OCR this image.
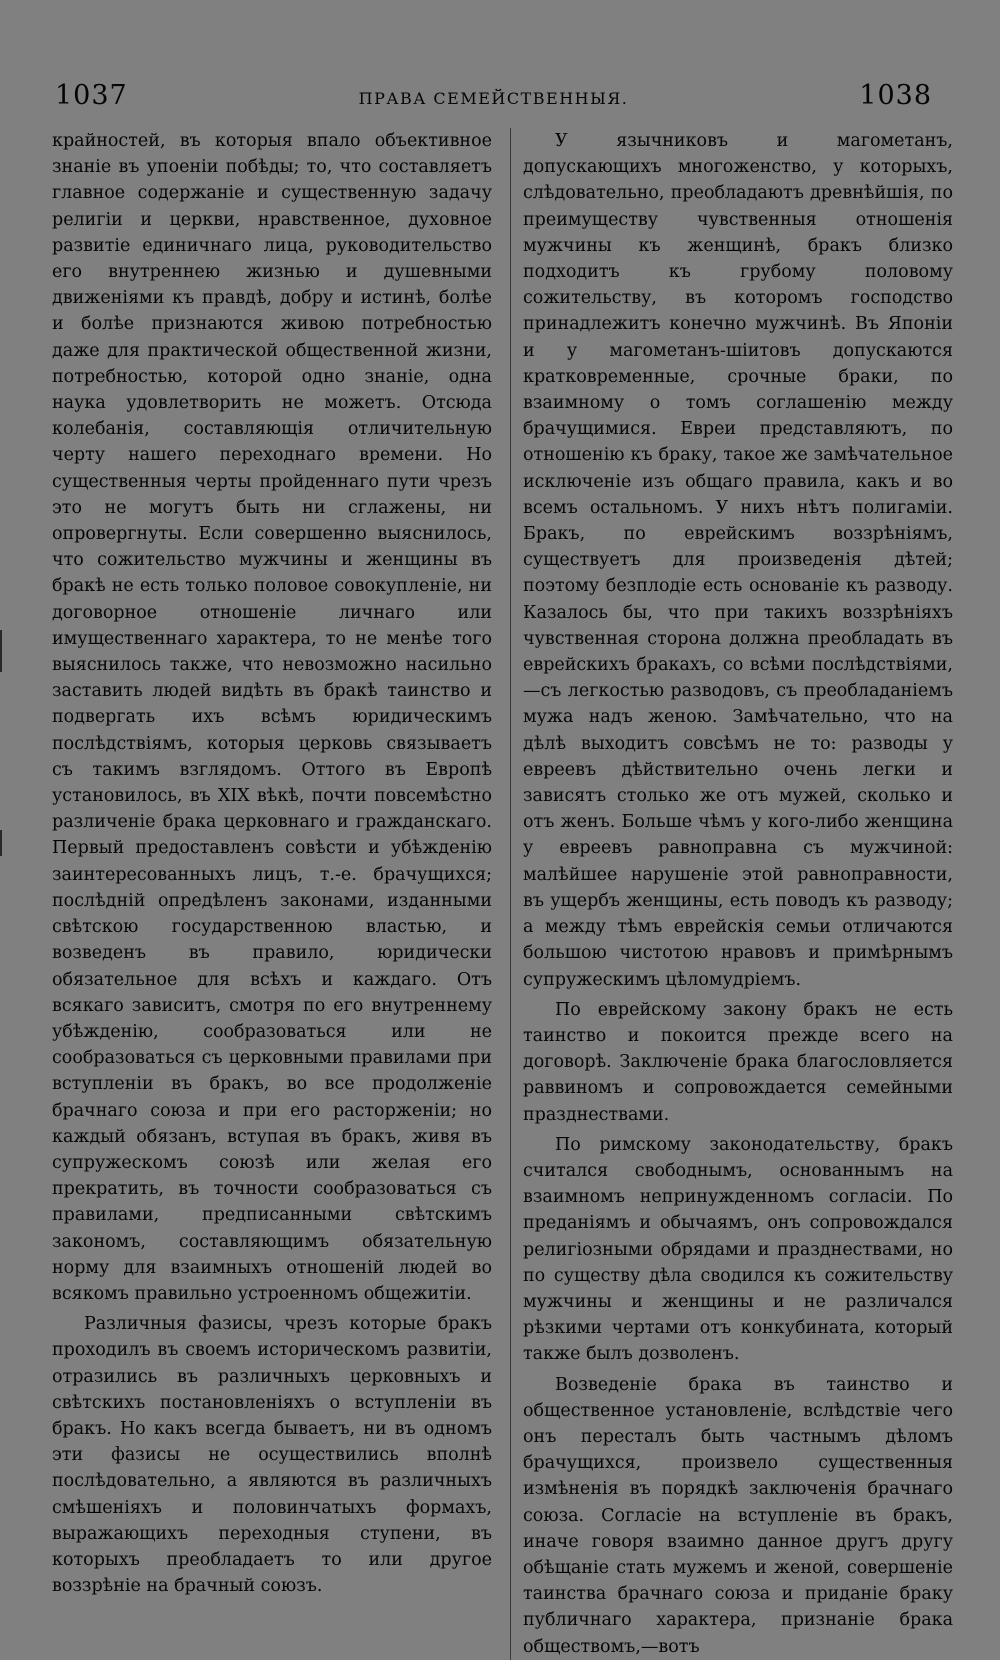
1037	ПРАВА СЕМЕЙСТВЕННЫЯ.	1038

крайностей, въ которыя впало объективное знаніе въ упоеніи побѣды; то, что составляетъ главное содержаніе и существенную задачу религіи и церкви, нравственное, духовное развитіе единичнаго лица, руководительство его внутреннею жизнью и душевными движеніями къ правдѣ, добру и истинѣ, болѣе и болѣе признаются живою потребностью даже для практической общественной жизни, потребностью, которой одно знаніе, одна наука удовлетворить не можетъ. Отсюда колебанія, составляющія отличительную черту нашего переходнаго времени. Но существенныя черты пройденнаго пути чрезъ это не могутъ быть ни сглажены, ни опровергнуты. Если совершенно выяснилось, что сожительство мужчины и женщины въ бракѣ не есть только половое совокупленіе, ни договорное отношеніе личнаго или имущественнаго характера, то не менѣе того выяснилось также, что невозможно насильно заставить людей видѣть въ бракѣ таинство и подвергать ихъ всѣмъ юридическимъ послѣдствіямъ, которыя церковь связываетъ съ такимъ взглядомъ. Оттого въ Европѣ установилось, въ XIX вѣкѣ, почти повсемѣстно различеніе брака церковнаго и гражданскаго. Первый предоставленъ совѣсти и убѣжденію заинтересованныхъ лицъ, т.-е. брачущихся; послѣдній опредѣленъ законами, изданными свѣтскою государственною властью, и возведенъ въ правило, юридически обязательное для всѣхъ и каждаго. Отъ всякаго зависитъ, смотря по его внутреннему убѣжденію, сообразоваться или не сообразоваться съ церковными правилами при вступленіи въ бракъ, во все продолженіе брачнаго союза и при его расторженіи; но каждый обязанъ, вступая въ бракъ, живя въ супружескомъ союзѣ или желая его прекратить, въ точности сообразоваться съ правилами, предписанными свѣтскимъ закономъ, составляющимъ обязательную норму для взаимныхъ отношеній людей во всякомъ правильно устроенномъ общежитіи.

Различныя фазисы, чрезъ которые бракъ проходилъ въ своемъ историческомъ развитіи, отразились въ различныхъ церковныхъ и свѣтскихъ постановленіяхъ о вступленіи въ бракъ. Но какъ всегда бываетъ, ни въ одномъ эти фазисы не осуществились вполнѣ послѣдовательно, а являются въ различныхъ смѣшеніяхъ и половинчатыхъ формахъ, выражающихъ переходныя ступени, въ которыхъ преобладаетъ то или другое воззрѣніе на брачный союзъ.

У язычниковъ и магометанъ, допускающихъ многоженство, у которыхъ, слѣдовательно, преобладаютъ древнѣйшія, по преимуществу чувственныя отношенія мужчины къ женщинѣ, бракъ близко подходитъ къ грубому половому сожительству, въ которомъ господство принадлежитъ конечно мужчинѣ. Въ Японіи и у магометанъ-шіитовъ допускаются кратковременные, срочные браки, по взаимному о томъ соглашенію между брачущимися. Евреи представляютъ, по отношенію къ браку, такое же замѣчательное исключеніе изъ общаго правила, какъ и во всемъ остальномъ. У нихъ нѣтъ полигаміи. Бракъ, по еврейскимъ воззрѣніямъ, существуетъ для произведенія дѣтей; поэтому безплодіе есть основаніе къ разводу. Казалось бы, что при такихъ воззрѣніяхъ чувственная сторона должна преобладать въ еврейскихъ бракахъ, со всѣми послѣдствіями,—съ легкостью разводовъ, съ преобладаніемъ мужа надъ женою. Замѣчательно, что на дѣлѣ выходитъ совсѣмъ не то: разводы у евреевъ дѣйствительно очень легки и зависятъ столько же отъ мужей, сколько и отъ женъ. Больше чѣмъ у кого-либо женщина у евреевъ равноправна съ мужчиной: малѣйшее нарушеніе этой равноправности, въ ущербъ женщины, есть поводъ къ разводу; а между тѣмъ еврейскія семьи отличаются большою чистотою нравовъ и примѣрнымъ супружескимъ цѣломудріемъ.

По еврейскому закону бракъ не есть таинство и покоится прежде всего на договорѣ. Заключеніе брака благословляется раввиномъ и сопровождается семейными празднествами.

По римскому законодательству, бракъ считался свободнымъ, основаннымъ на взаимномъ непринужденномъ согласіи. По преданіямъ и обычаямъ, онъ сопровождался религіозными обрядами и празднествами, но по существу дѣла сводился къ сожительству мужчины и женщины и не различался рѣзкими чертами отъ конкубината, который также былъ дозволенъ.

Возведеніе брака въ таинство и общественное установленіе, вслѣдствіе чего онъ пересталъ быть частнымъ дѣломъ брачущихся, произвело существенныя измѣненія въ порядкѣ заключенія брачнаго союза. Согласіе на вступленіе въ бракъ, иначе говоря взаимно данное другъ другу обѣщаніе стать мужемъ и женой, совершеніе таинства брачнаго союза и приданіе браку публичнаго характера, признаніе брака обществомъ,—вотъ
